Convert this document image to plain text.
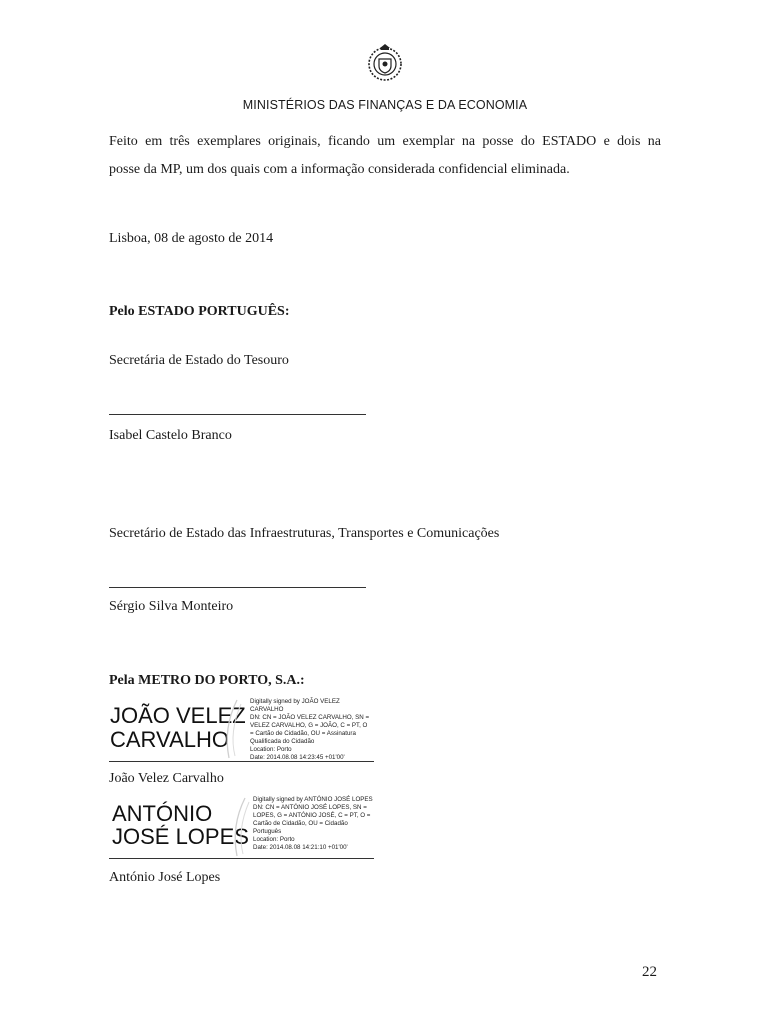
MINISTÉRIOS DAS FINANÇAS E DA ECONOMIA

Feito em três exemplares originais, ficando um exemplar na posse do ESTADO e dois na

posse da MP, um dos quais com a informação considerada confidencial eliminada.

Lisboa, 08 de agosto de 2014
Pelo ESTADO PORTUGUÊS:
Secretária de Estado do Tesouro
Isabel Castelo Branco
Secretário de Estado das Infraestruturas, Transportes e Comunicações
Sérgio Silva Monteiro
Pela METRO DO PORTO, S.A.:
JOÃO VELEZ
CARVALHO
Digitally signed by JOÃO VELEZ
CARVALHO
DN: CN = JOÃO VELEZ CARVALHO, SN =
VELEZ CARVALHO, G = JOÃO, C = PT, O
= Cartão de Cidadão, OU = Assinatura
Qualificada do Cidadão
Location: Porto
Date: 2014.08.08 14:23:45 +01'00'
João Velez Carvalho
ANTÓNIO
JOSÉ LOPES
Digitally signed by ANTÓNIO JOSÉ LOPES
DN: CN = ANTÓNIO JOSÉ LOPES, SN =
LOPES, G = ANTÓNIO JOSÉ, C = PT, O =
Cartão de Cidadão, OU = Cidadão
Português
Location: Porto
Date: 2014.08.08 14:21:10 +01'00'
António José Lopes
22
